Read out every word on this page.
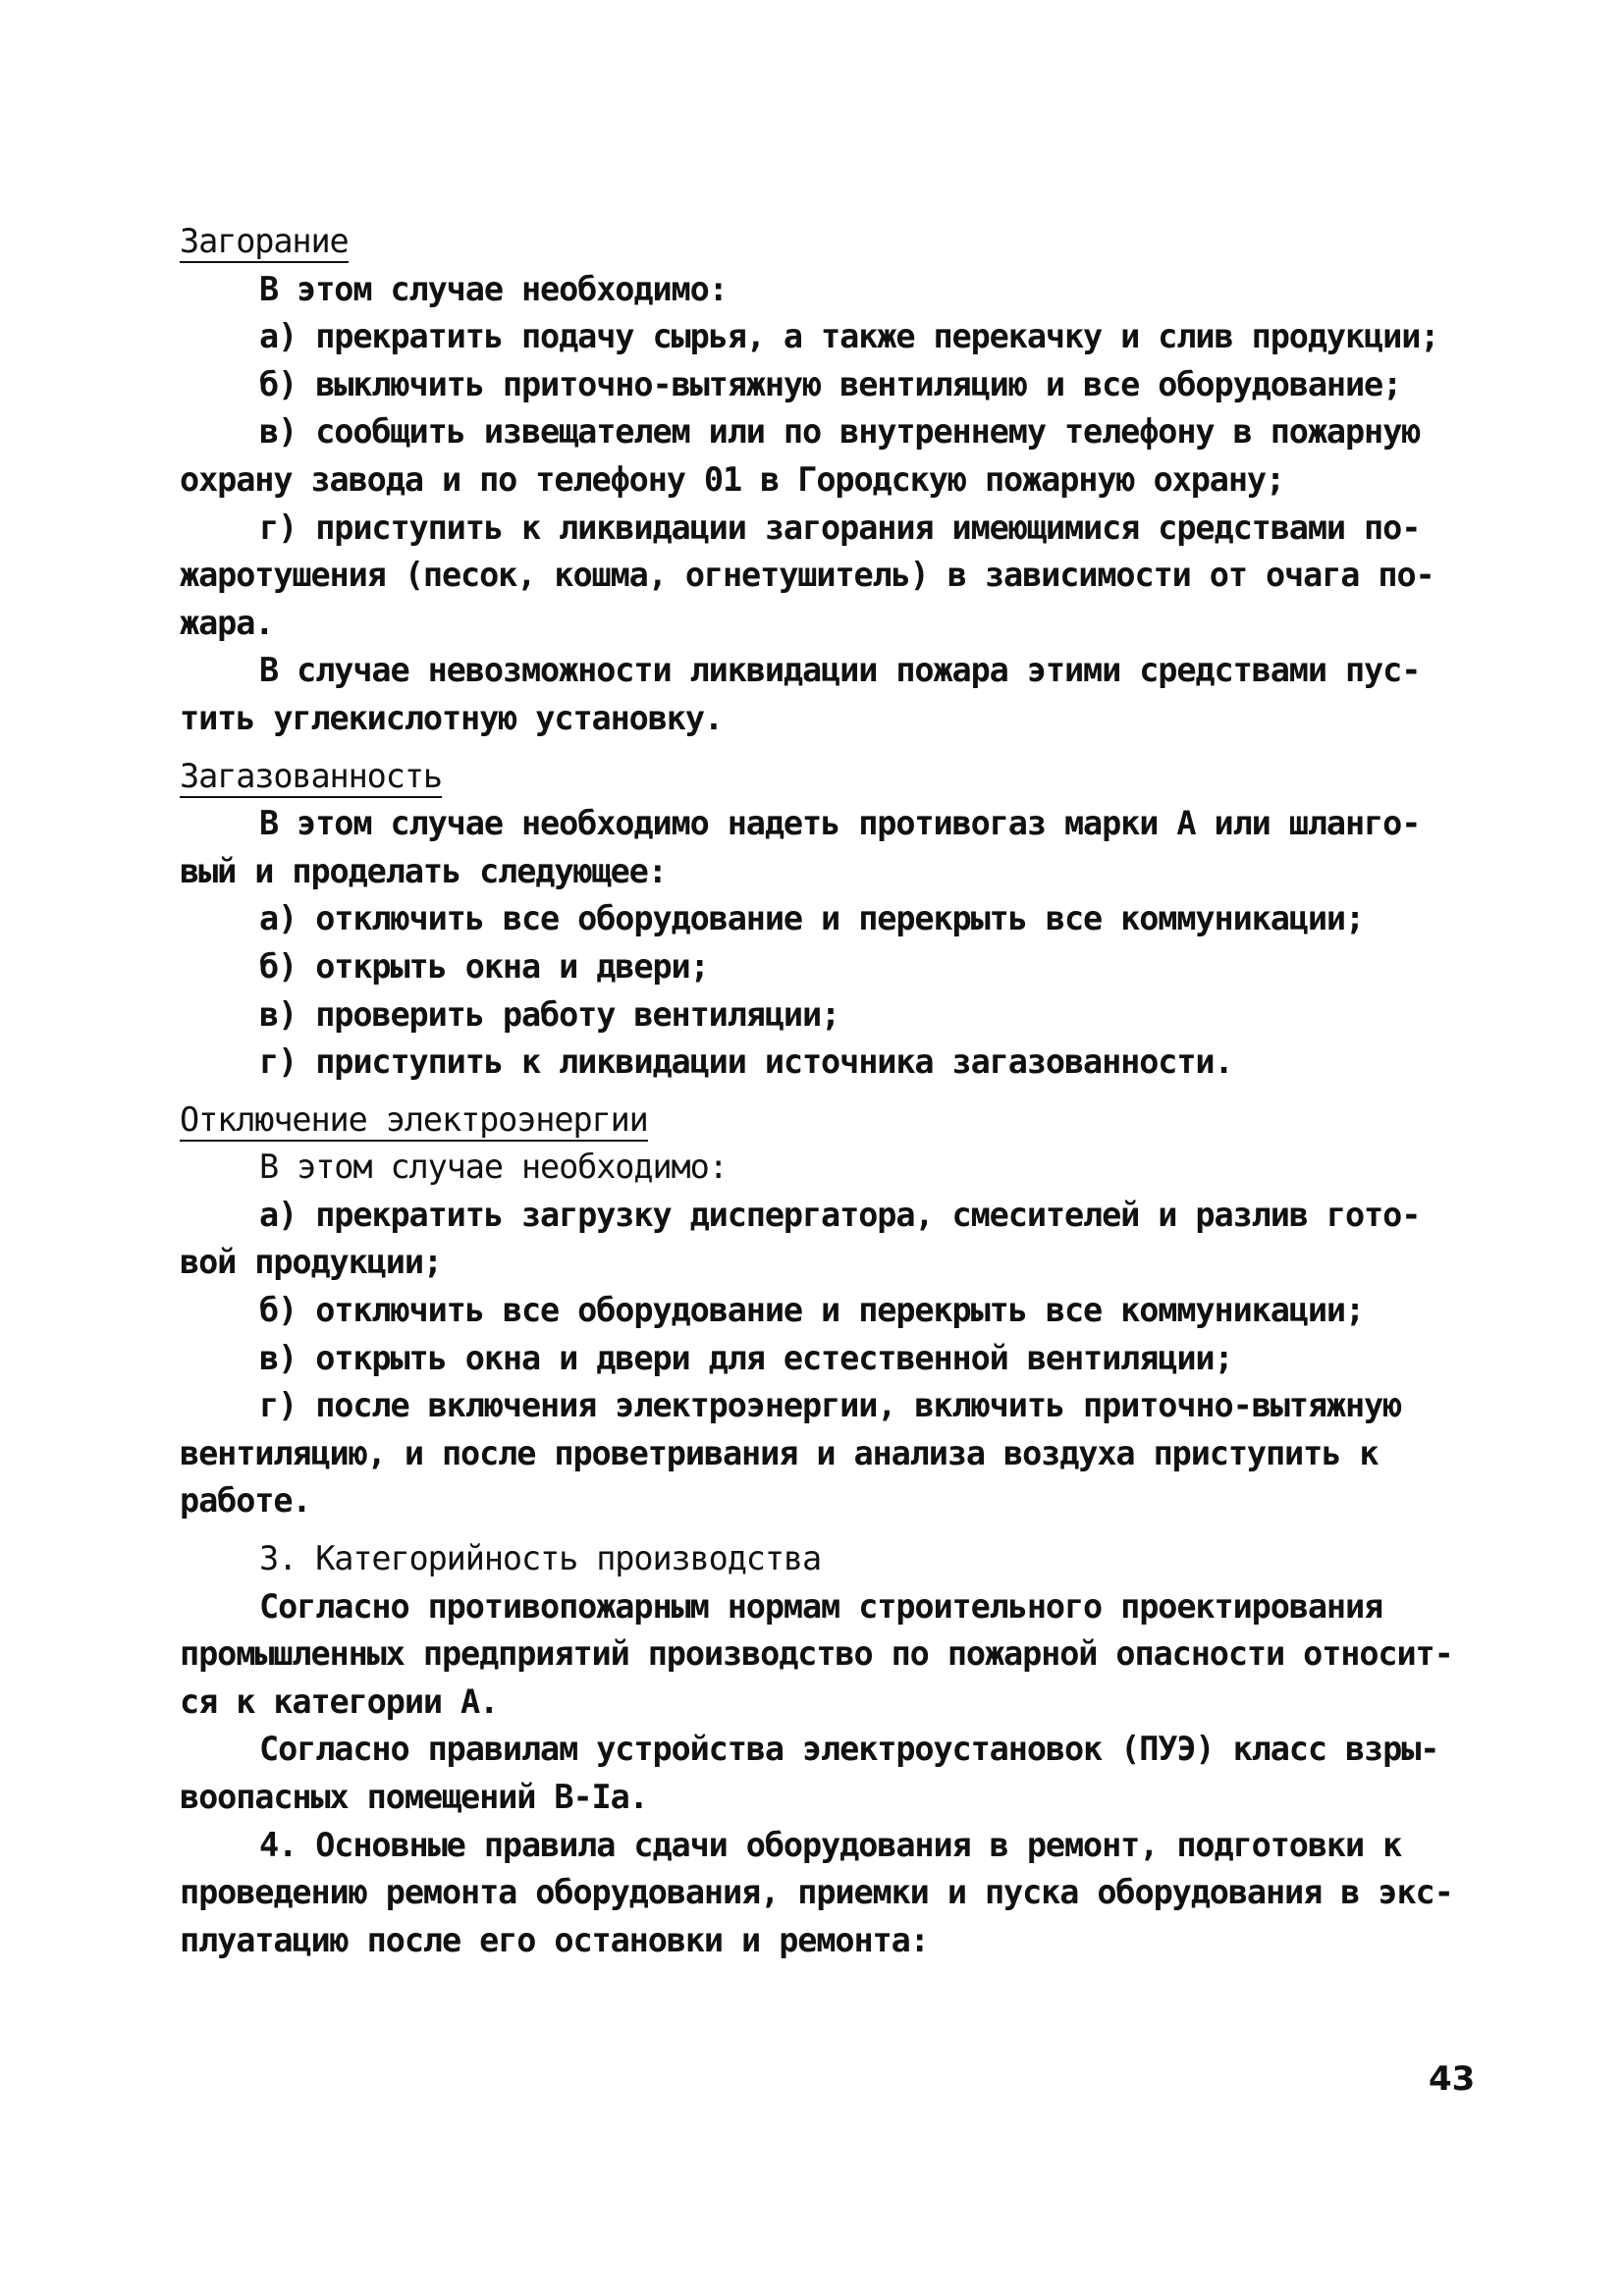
Загорание
В этом случае необходимо:
а) прекратить подачу сырья, а также перекачку и слив продукции;
б) выключить приточно-вытяжную вентиляцию и все оборудование;
в) сообщить извещателем или по внутреннему телефону в пожарную
охрану завода и по телефону 01 в Городскую пожарную охрану;
г) приступить к ликвидации загорания имеющимися средствами по-
жаротушения (песок, кошма, огнетушитель) в зависимости от очага по-
жара.
В случае невозможности ликвидации пожара этими средствами пус-
тить углекислотную установку.
Загазованность
В этом случае необходимо надеть противогаз марки А или шланго-
вый и проделать следующее:
а) отключить все оборудование и перекрыть все коммуникации;
б) открыть окна и двери;
в) проверить работу вентиляции;
г) приступить к ликвидации источника загазованности.
Отключение электроэнергии
В этом случае необходимо:
а) прекратить загрузку диспергатора, смесителей и разлив гото-
вой продукции;
б) отключить все оборудование и перекрыть все коммуникации;
в) открыть окна и двери для естественной вентиляции;
г) после включения электроэнергии, включить приточно-вытяжную
вентиляцию, и после проветривания и анализа воздуха приступить к
работе.
3. Категорийность производства
Согласно противопожарным нормам строительного проектирования
промышленных предприятий производство по пожарной опасности относит-
ся к категории А.
Согласно правилам устройства электроустановок (ПУЭ) класс взры-
воопасных помещений В-Iа.
4. Основные правила сдачи оборудования в ремонт, подготовки к
проведению ремонта оборудования, приемки и пуска оборудования в экс-
плуатацию после его остановки и ремонта:
43
